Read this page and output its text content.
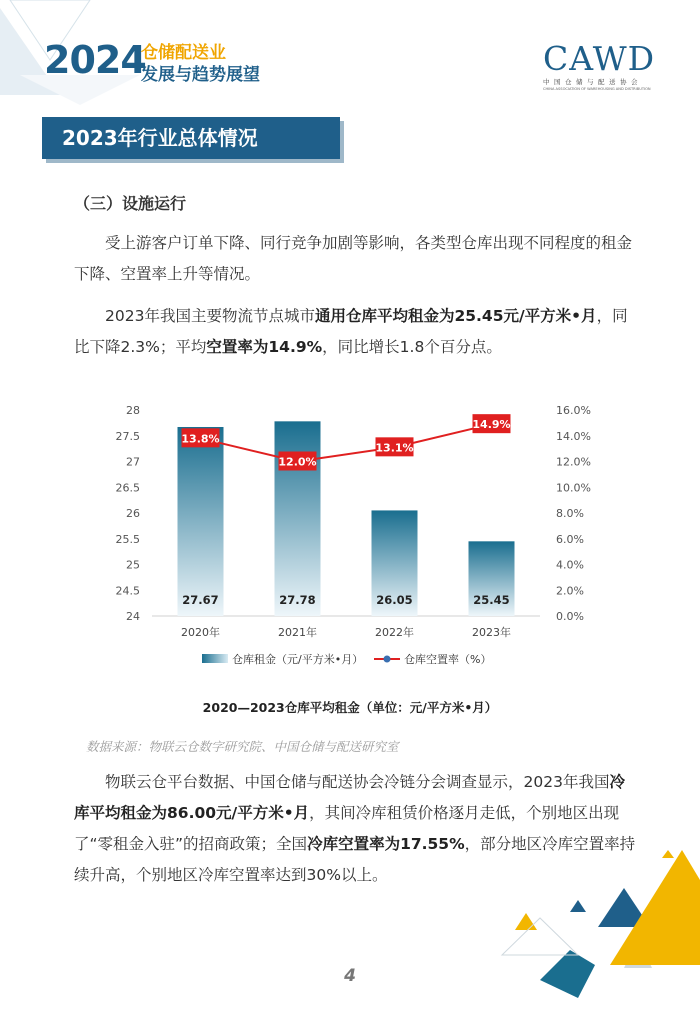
2024
仓储配送业
发展与趋势展望	CAWD
中国仓储与配送协会
CHINA ASSOCIATION OF WAREHOUSING AND DISTRIBUTION
2023年行业总体情况
（三）设施运行
受上游客户订单下降、同行竞争加剧等影响，各类型仓库出现不同程度的租金下降、空置率上升等情况。
2023年我国主要物流节点城市通用仓库平均租金为25.45元/平方米•月，同比下降2.3%；平均空置率为14.9%，同比增长1.8个百分点。
24
24.5
25
25.5
26
26.5
27
27.5
28
0.0%
2.0%
4.0%
6.0%
8.0%
10.0%
12.0%
14.0%
16.0%
27.67	27.78	26.05	25.45
2020年	2021年	2022年	2023年
13.8%
12.0%
13.1%
14.9%
仓库租金（元/平方米•月）	仓库空置率（%）
2020—2023仓库平均租金（单位：元/平方米•月）
数据来源：物联云仓数字研究院、中国仓储与配送研究室
物联云仓平台数据、中国仓储与配送协会冷链分会调查显示，2023年我国冷库平均租金为86.00元/平方米•月，其间冷库租赁价格逐月走低，个别地区出现了“零租金入驻”的招商政策；全国冷库空置率为17.55%，部分地区冷库空置率持续升高，个别地区冷库空置率达到30%以上。
4
